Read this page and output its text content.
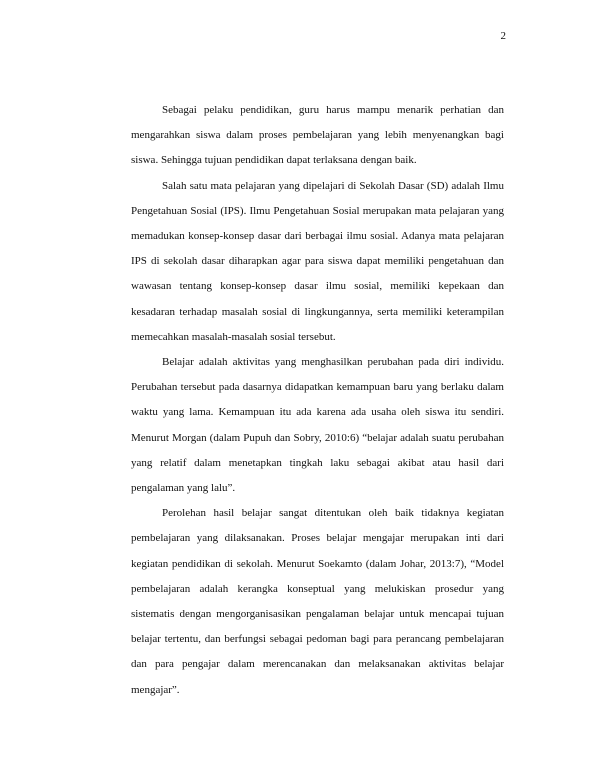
2

Sebagai pelaku pendidikan, guru harus mampu menarik perhatian dan mengarahkan siswa dalam proses pembelajaran yang lebih menyenangkan bagi siswa. Sehingga tujuan pendidikan dapat terlaksana dengan baik.

Salah satu mata pelajaran yang dipelajari di Sekolah Dasar (SD) adalah Ilmu Pengetahuan Sosial (IPS). Ilmu Pengetahuan Sosial merupakan mata pelajaran yang memadukan konsep-konsep dasar dari berbagai ilmu sosial. Adanya mata pelajaran IPS di sekolah dasar diharapkan agar para siswa dapat memiliki pengetahuan dan wawasan tentang konsep-konsep dasar ilmu sosial, memiliki kepekaan dan kesadaran terhadap masalah sosial di lingkungannya, serta memiliki keterampilan memecahkan masalah-masalah sosial tersebut.

Belajar adalah aktivitas yang menghasilkan perubahan pada diri individu. Perubahan tersebut pada dasarnya didapatkan kemampuan baru yang berlaku dalam waktu yang lama. Kemampuan itu ada karena ada usaha oleh siswa itu sendiri. Menurut Morgan (dalam Pupuh dan Sobry, 2010:6) “belajar adalah suatu perubahan yang relatif dalam menetapkan tingkah laku sebagai akibat atau hasil dari pengalaman yang lalu”.

Perolehan hasil belajar sangat ditentukan oleh baik tidaknya kegiatan pembelajaran yang dilaksanakan. Proses belajar mengajar merupakan inti dari kegiatan pendidikan di sekolah. Menurut Soekamto (dalam Johar, 2013:7), “Model pembelajaran adalah kerangka konseptual yang melukiskan prosedur yang sistematis dengan mengorganisasikan pengalaman belajar untuk mencapai tujuan belajar tertentu, dan berfungsi sebagai pedoman bagi para perancang pembelajaran dan para pengajar dalam merencanakan dan melaksanakan aktivitas belajar mengajar”.
